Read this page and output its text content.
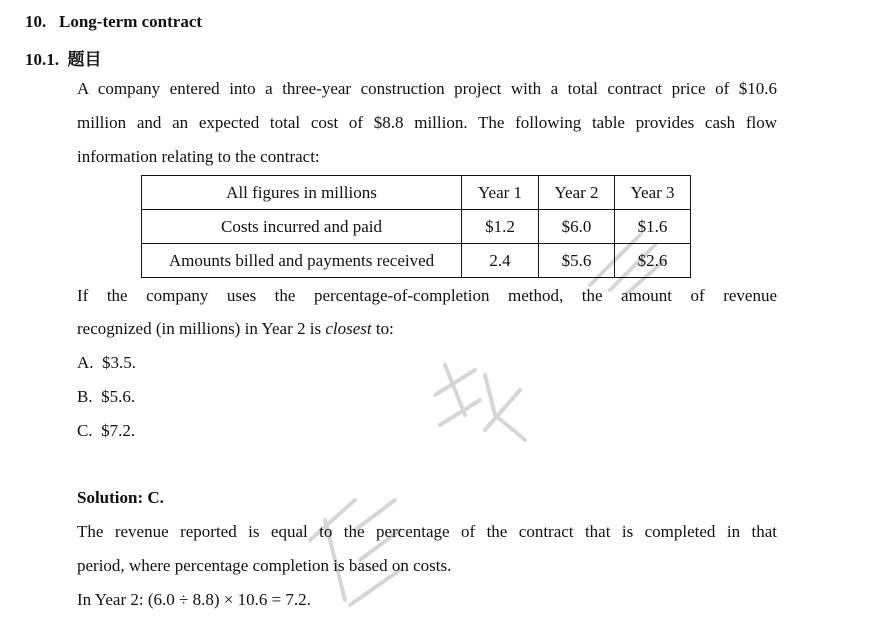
10. Long-term contract
10.1. 题目
A company entered into a three-year construction project with a total contract price of $10.6
million and an expected total cost of $8.8 million. The following table provides cash flow
information relating to the contract:
All figures in millions	Year 1	Year 2	Year 3
Costs incurred and paid	$1.2	$6.0	$1.6
Amounts billed and payments received	2.4	$5.6	$2.6
If the company uses the percentage-of-completion method, the amount of revenue
recognized (in millions) in Year 2 is closest to:
A. $3.5.
B. $5.6.
C. $7.2.
Solution: C.
The revenue reported is equal to the percentage of the contract that is completed in that
period, where percentage completion is based on costs.
In Year 2: (6.0 ÷ 8.8) × 10.6 = 7.2.
